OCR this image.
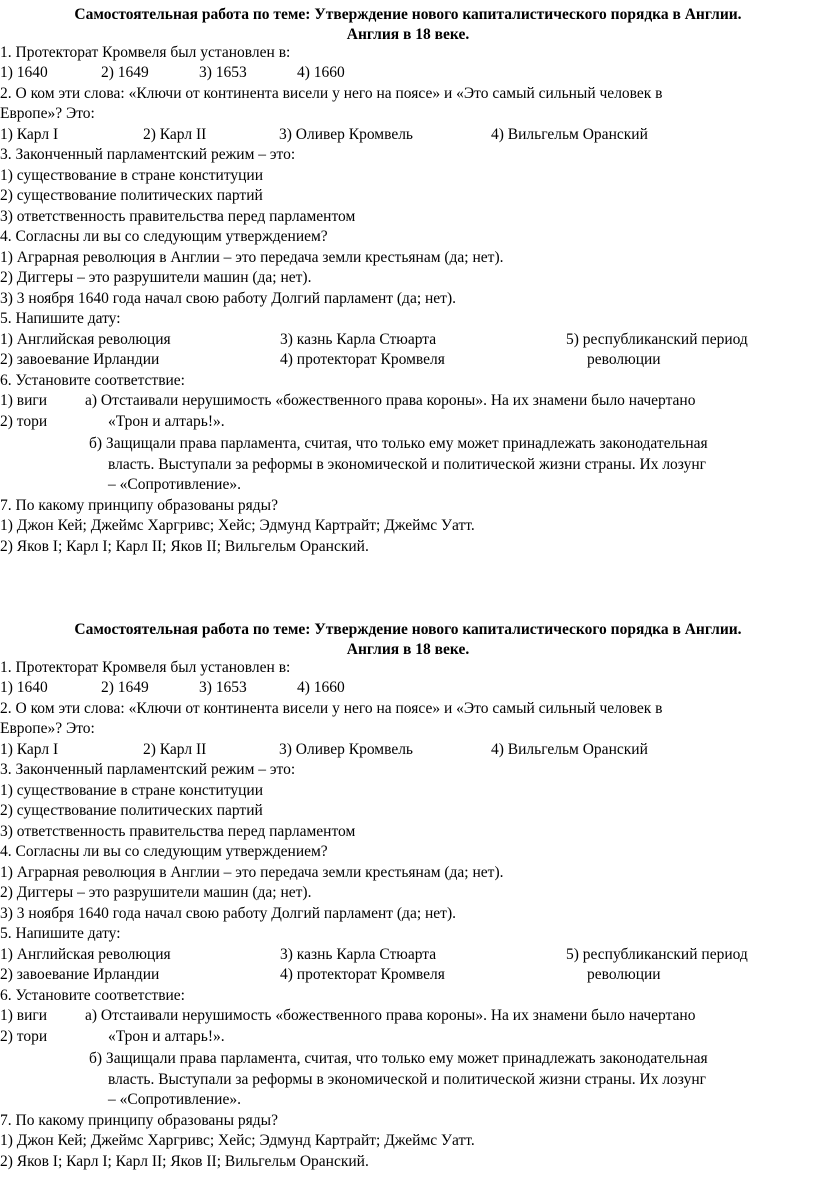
Самостоятельная работа по теме: Утверждение нового капиталистического порядка в Англии.
Англия в 18 веке.
1. Протекторат Кромвеля был установлен в:
1) 1640	2) 1649	3) 1653	4) 1660
2. О ком эти слова: «Ключи от континента висели у него на поясе» и «Это самый сильный человек в
Европе»? Это:
1) Карл I	2) Карл II	3) Оливер Кромвель	4) Вильгельм Оранский
3. Законченный парламентский режим – это:
1) существование в стране конституции
2) существование политических партий
3) ответственность правительства перед парламентом
4. Согласны ли вы со следующим утверждением?
1) Аграрная революция в Англии – это передача земли крестьянам (да; нет).
2) Диггеры – это разрушители машин (да; нет).
3) 3 ноября 1640 года начал свою работу Долгий парламент (да; нет).
5. Напишите дату:
1) Английская революция	3) казнь Карла Стюарта	5) республиканский период
2) завоевание Ирландии	4) протекторат Кромвеля	революции
6. Установите соответствие:
1) виги а) Отстаивали нерушимость «божественного права короны». На их знамени было начертано
2) тори	«Трон и алтарь!».
б) Защищали права парламента, считая, что только ему может принадлежать законодательная
власть. Выступали за реформы в экономической и политической жизни страны. Их лозунг
– «Сопротивление».
7. По какому принципу образованы ряды?
1) Джон Кей; Джеймс Харгривс; Хейс; Эдмунд Картрайт; Джеймс Уатт.
2) Яков I; Карл I; Карл II; Яков II; Вильгельм Оранский.
Самостоятельная работа по теме: Утверждение нового капиталистического порядка в Англии.
Англия в 18 веке.
1. Протекторат Кромвеля был установлен в:
1) 1640	2) 1649	3) 1653	4) 1660
2. О ком эти слова: «Ключи от континента висели у него на поясе» и «Это самый сильный человек в
Европе»? Это:
1) Карл I	2) Карл II	3) Оливер Кромвель	4) Вильгельм Оранский
3. Законченный парламентский режим – это:
1) существование в стране конституции
2) существование политических партий
3) ответственность правительства перед парламентом
4. Согласны ли вы со следующим утверждением?
1) Аграрная революция в Англии – это передача земли крестьянам (да; нет).
2) Диггеры – это разрушители машин (да; нет).
3) 3 ноября 1640 года начал свою работу Долгий парламент (да; нет).
5. Напишите дату:
1) Английская революция	3) казнь Карла Стюарта	5) республиканский период
2) завоевание Ирландии	4) протекторат Кромвеля	революции
6. Установите соответствие:
1) виги а) Отстаивали нерушимость «божественного права короны». На их знамени было начертано
2) тори	«Трон и алтарь!».
б) Защищали права парламента, считая, что только ему может принадлежать законодательная
власть. Выступали за реформы в экономической и политической жизни страны. Их лозунг
– «Сопротивление».
7. По какому принципу образованы ряды?
1) Джон Кей; Джеймс Харгривс; Хейс; Эдмунд Картрайт; Джеймс Уатт.
2) Яков I; Карл I; Карл II; Яков II; Вильгельм Оранский.
